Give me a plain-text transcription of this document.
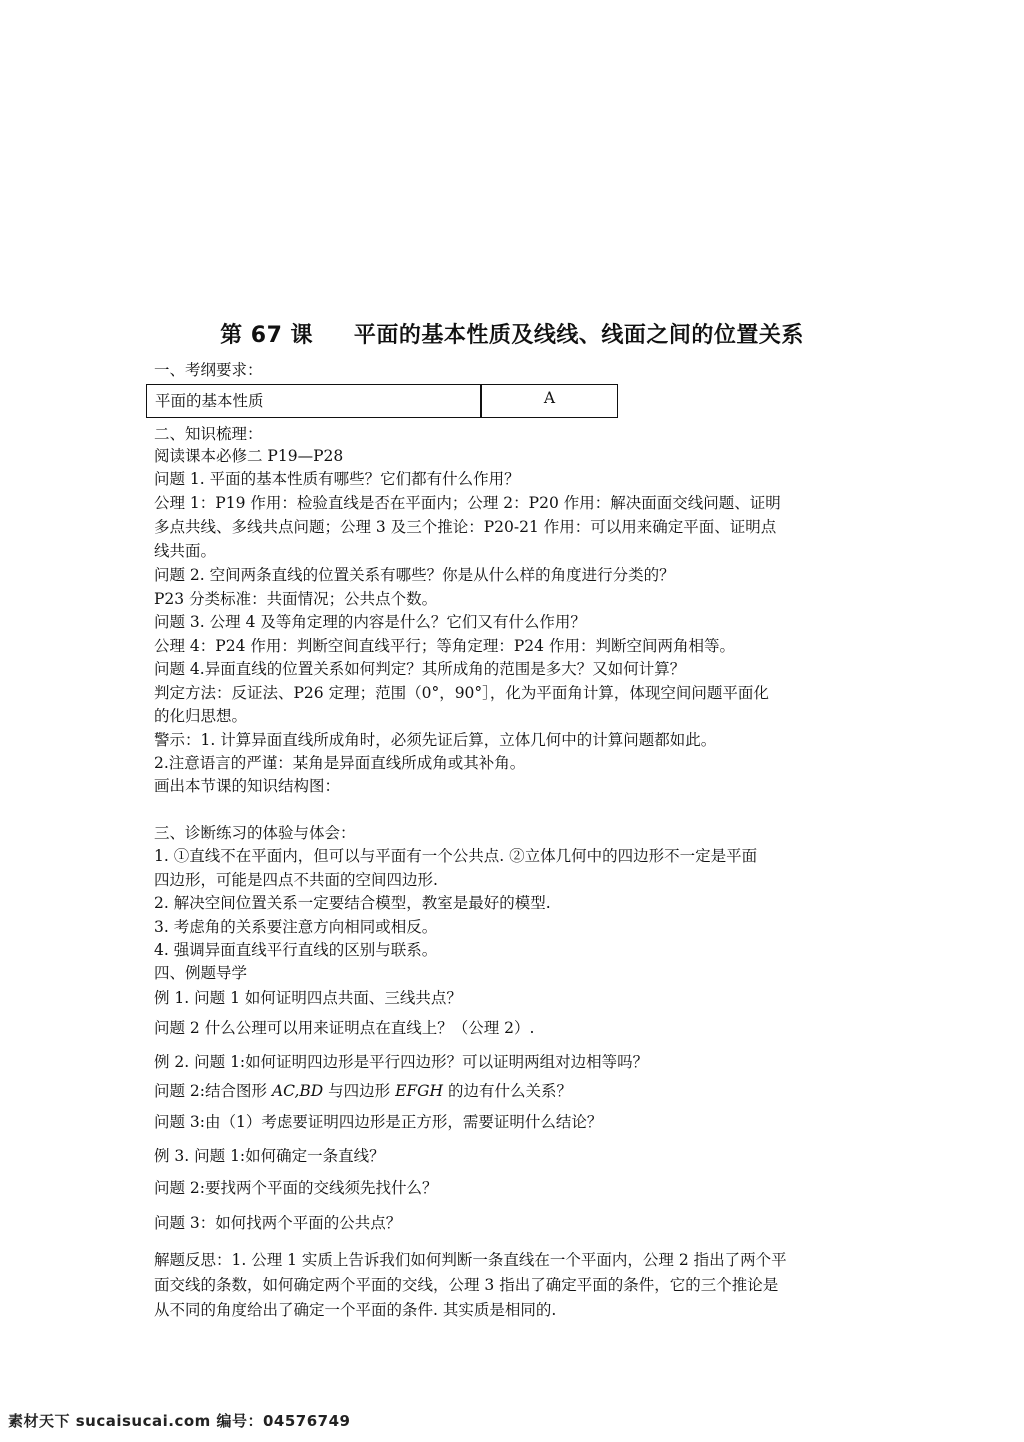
第 67 课     平面的基本性质及线线、线面之间的位置关系
一、考纲要求：
平面的基本性质	A
二、知识梳理：
阅读课本必修二 P19—P28
问题 1. 平面的基本性质有哪些？它们都有什么作用？
公理 1：P19 作用：检验直线是否在平面内；公理 2：P20 作用：解决面面交线问题、证明
多点共线、多线共点问题；公理 3 及三个推论：P20-21 作用：可以用来确定平面、证明点
线共面。
问题 2. 空间两条直线的位置关系有哪些？你是从什么样的角度进行分类的？
P23 分类标准：共面情况；公共点个数。
问题 3. 公理 4 及等角定理的内容是什么？它们又有什么作用？
公理 4：P24 作用：判断空间直线平行；等角定理：P24 作用：判断空间两角相等。
问题 4.异面直线的位置关系如何判定？其所成角的范围是多大？又如何计算？
判定方法：反证法、P26 定理；范围（0°，90°］，化为平面角计算，体现空间问题平面化
的化归思想。
警示：1. 计算异面直线所成角时，必须先证后算，立体几何中的计算问题都如此。
2.注意语言的严谨：某角是异面直线所成角或其补角。
画出本节课的知识结构图：
三、诊断练习的体验与体会：
1. ①直线不在平面内，但可以与平面有一个公共点. ②立体几何中的四边形不一定是平面
四边形，可能是四点不共面的空间四边形.
2. 解决空间位置关系一定要结合模型，教室是最好的模型.
3. 考虑角的关系要注意方向相同或相反。
4. 强调异面直线平行直线的区别与联系。
四、例题导学
例 1. 问题 1 如何证明四点共面、三线共点？
问题 2 什么公理可以用来证明点在直线上？（公理 2）.
例 2. 问题 1:如何证明四边形是平行四边形？可以证明两组对边相等吗？
问题 2:结合图形 AC,BD 与四边形 EFGH 的边有什么关系？
问题 3:由（1）考虑要证明四边形是正方形，需要证明什么结论？
例 3. 问题 1:如何确定一条直线？
问题 2:要找两个平面的交线须先找什么？
问题 3：如何找两个平面的公共点？
解题反思：1. 公理 1 实质上告诉我们如何判断一条直线在一个平面内，公理 2 指出了两个平
面交线的条数，如何确定两个平面的交线，公理 3 指出了确定平面的条件，它的三个推论是
从不同的角度给出了确定一个平面的条件. 其实质是相同的.
素材天下 sucaisucai.com 编号：04576749
